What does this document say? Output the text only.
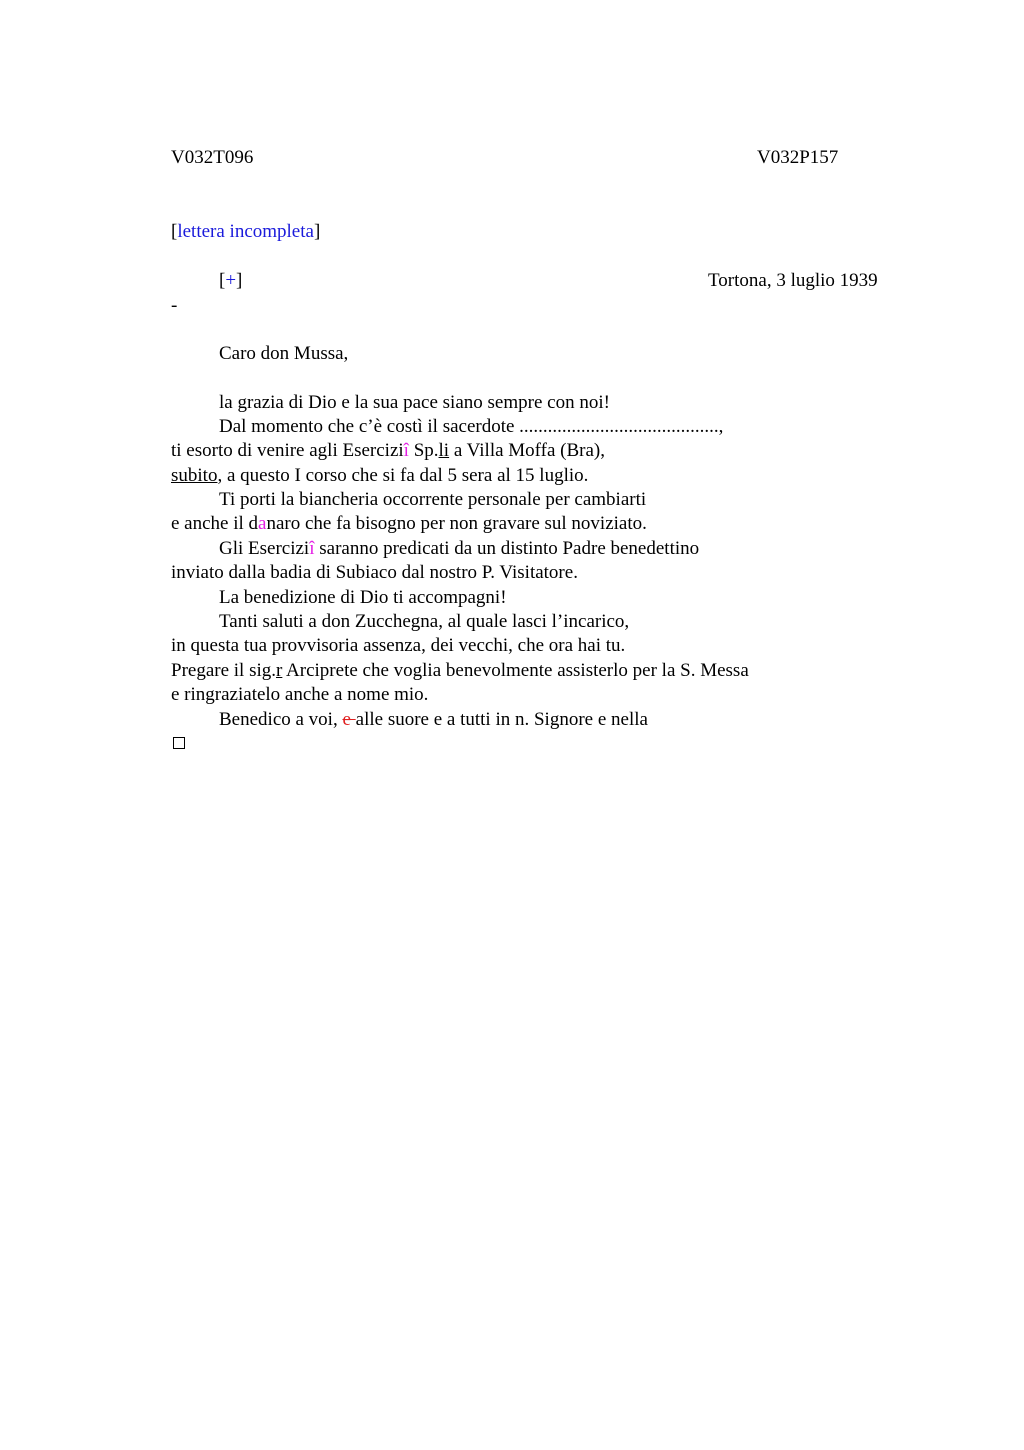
V032T096	V032P157
[lettera incompleta]
[+]	Tortona, 3 luglio 1939
-
Caro don Mussa,
la grazia di Dio e la sua pace siano sempre con noi!
Dal momento che c’è costì il sacerdote ..........................................,
ti esorto di venire agli Eserciziî Sp.li a Villa Moffa (Bra),
subito, a questo I corso che si fa dal 5 sera al 15 luglio.
Ti porti la biancheria occorrente personale per cambiarti
e anche il danaro che fa bisogno per non gravare sul noviziato.
Gli Eserciziî saranno predicati da un distinto Padre benedettino
inviato dalla badia di Subiaco dal nostro P. Visitatore.
La benedizione di Dio ti accompagni!
Tanti saluti a don Zucchegna, al quale lasci l’incarico,
in questa tua provvisoria assenza, dei vecchi, che ora hai tu.
Pregare il sig.r Arciprete che voglia benevolmente assisterlo per la S. Messa
e ringraziatelo anche a nome mio.
Benedico a voi, e alle suore e a tutti in n. Signore e nella
